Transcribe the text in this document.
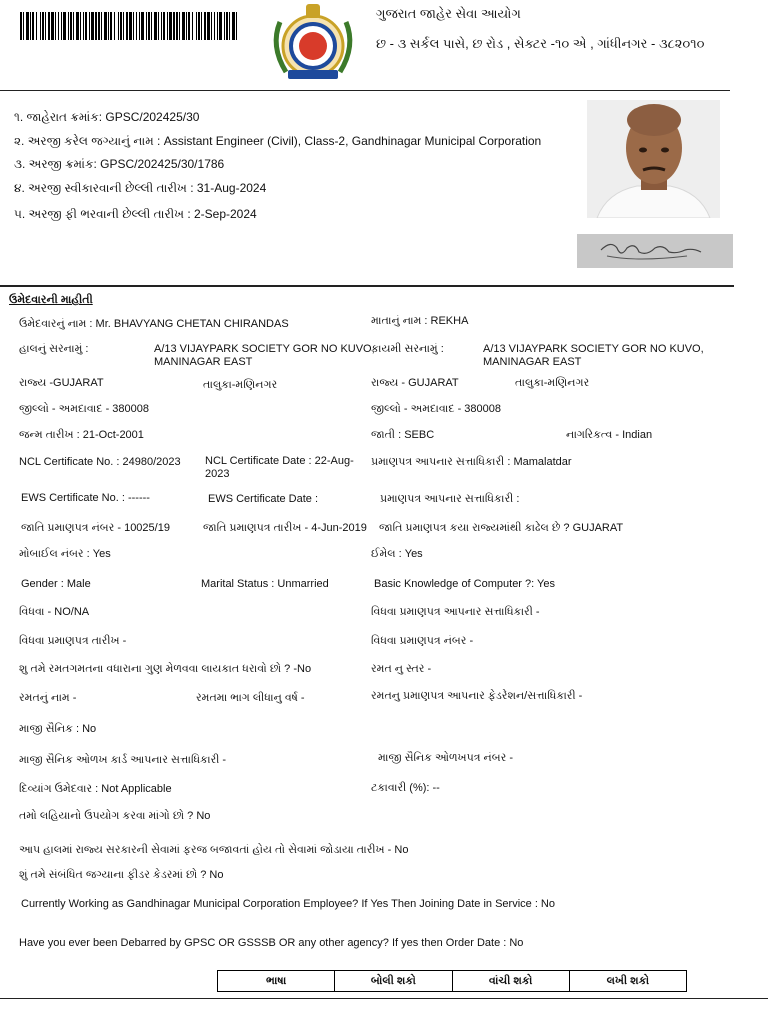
ગુજરાત જાહેર સેવા આયોગ
છ - ૩ સર્કલ પાસે, છ રોડ , સેક્ટર -૧૦ એ , ગાંધીનગર - ૩૮૨૦૧૦
૧. જાહેરાત ક્રમાંક: GPSC/202425/30
૨. અરજી કરેલ જગ્યાનું નામ : Assistant Engineer (Civil), Class-2, Gandhinagar Municipal Corporation
૩. અરજી ક્રમાંક: GPSC/202425/30/1786
૪. અરજી સ્વીકારવાની છેલ્લી તારીખ : 31-Aug-2024
૫. અરજી ફી ભરવાની છેલ્લી તારીખ : 2-Sep-2024
ઉમેદવારની માહીતી
ઉમેદવારનું નામ : Mr. BHAVYANG CHETAN CHIRANDAS	માતાનું નામ : REKHA
હાલનું સરનામું :	A/13 VIJAYPARK SOCIETY GOR NO KUVO,
MANINAGAR EAST
કાયમી સરનામું :	A/13 VIJAYPARK SOCIETY GOR NO KUVO,
MANINAGAR EAST
રાજ્ય -GUJARAT	તાલુકા-મણિનગર	રાજ્ય - GUJARAT	તાલુકા-મણિનગર
જીલ્લો - અમદાવાદ - 380008	જીલ્લો - અમદાવાદ - 380008
જન્મ તારીખ : 21-Oct-2001	જાતી : SEBC	નાગરિકત્વ - Indian
NCL Certificate No. : 24980/2023 NCL Certificate Date : 22-Aug-
2023
પ્રમાણપત્ર આપનાર સત્તાધિકારી : Mamalatdar
EWS Certificate No. : ------	EWS Certificate Date :	પ્રમાણપત્ર આપનાર સત્તાધિકારી :
જાતિ પ્રમાણપત્ર નંબર - 10025/19	જાતિ પ્રમાણપત્ર તારીખ - 4-Jun-2019 જાતિ પ્રમાણપત્ર કયા રાજ્યમાંથી કાઢેલ છે ? GUJARAT
મોબાઈલ નંબર : Yes	ઈમેલ : Yes
Gender : Male	Marital Status : Unmarried	Basic Knowledge of Computer ?: Yes
વિધવા - NO/NA	વિધવા પ્રમાણપત્ર આપનાર સત્તાધિકારી -
વિધવા પ્રમાણપત્ર તારીખ -	વિધવા પ્રમાણપત્ર નંબર -
શુ તમે રમતગમતના વધારાના ગુણ મેળવવા લાયકાત ધરાવો છો ? -No	રમત નુ સ્તર -
રમતનું નામ -	રમતમા ભાગ લીધાનુ વર્ષ -	રમતનુ પ્રમાણપત્ર આપનાર ફેડરેશન/સત્તાધિકારી -
માજી સૈનિક : No
માજી સૈનિક ઓળખ કાર્ડ આપનાર સત્તાધિકારી -	માજી સૈનિક ઓળખપત્ર નંબર -
દિવ્યાંગ ઉમેદવાર : Not Applicable	ટકાવારી (%): --
તમો લહિયાનો ઉપયોગ કરવા માંગો છો ? No
આપ હાલમાં રાજ્ય સરકારની સેવામાં ફરજ બજાવતાં હોય તો સેવામાં જોડાયા તારીખ - No
શું તમે સંબંધિત જગ્યાના ફીડર કેડરમાં છો ? No
Currently Working as Gandhinagar Municipal Corporation Employee? If Yes Then Joining Date in Service : No
Have you ever been Debarred by GPSC OR GSSSB OR any other agency? If yes then Order Date : No
ભાષા	બોલી શકો	વાંચી શકો	લખી શકો
